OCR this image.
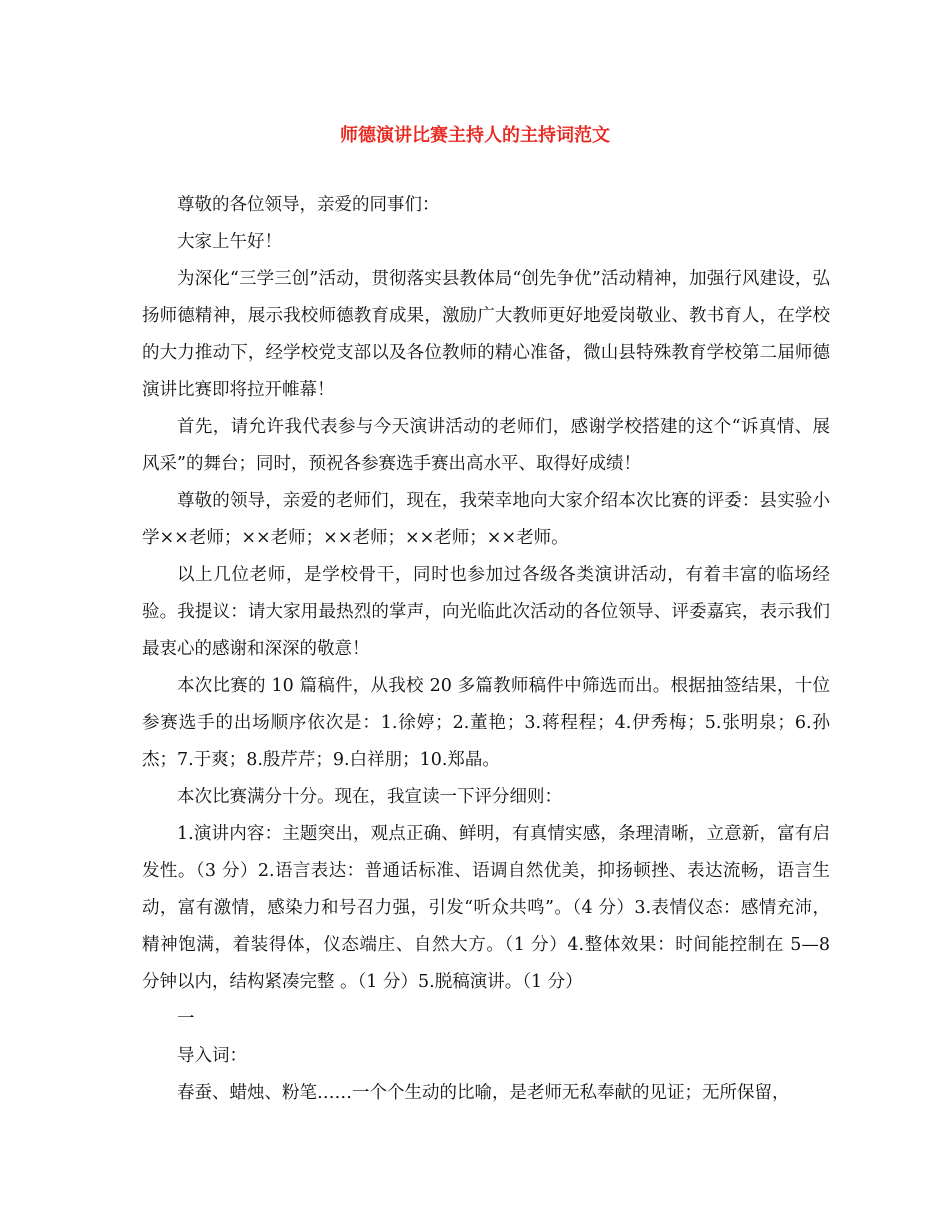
师德演讲比赛主持人的主持词范文

尊敬的各位领导，亲爱的同事们：

大家上午好！

为深化“三学三创”活动，贯彻落实县教体局“创先争优”活动精神，加强行风建设，弘扬师德精神，展示我校师德教育成果，激励广大教师更好地爱岗敬业、教书育人，在学校的大力推动下，经学校党支部以及各位教师的精心准备，微山县特殊教育学校第二届师德演讲比赛即将拉开帷幕！

首先，请允许我代表参与今天演讲活动的老师们，感谢学校搭建的这个“诉真情、展风采”的舞台；同时，预祝各参赛选手赛出高水平、取得好成绩！

尊敬的领导，亲爱的老师们，现在，我荣幸地向大家介绍本次比赛的评委：县实验小学××老师；××老师；××老师；××老师；××老师。

以上几位老师，是学校骨干，同时也参加过各级各类演讲活动，有着丰富的临场经验。我提议：请大家用最热烈的掌声，向光临此次活动的各位领导、评委嘉宾，表示我们最衷心的感谢和深深的敬意！

本次比赛的 10 篇稿件，从我校 20 多篇教师稿件中筛选而出。根据抽签结果，十位参赛选手的出场顺序依次是：1.徐婷；2.董艳；3.蒋程程；4.伊秀梅；5.张明泉；6.孙杰；7.于爽；8.殷芹芹；9.白祥朋；10.郑晶。

本次比赛满分十分。现在，我宣读一下评分细则：

1.演讲内容：主题突出，观点正确、鲜明，有真情实感，条理清晰，立意新，富有启发性。（3 分）2.语言表达：普通话标准、语调自然优美，抑扬顿挫、表达流畅，语言生动，富有激情，感染力和号召力强，引发“听众共鸣”。（4 分）3.表情仪态：感情充沛，精神饱满，着装得体，仪态端庄、自然大方。（1 分）4.整体效果：时间能控制在 5—8 分钟以内，结构紧凑完整 。（1 分）5.脱稿演讲。（1 分）

一

导入词：

春蚕、蜡烛、粉笔……一个个生动的比喻，是老师无私奉献的见证；无所保留，
